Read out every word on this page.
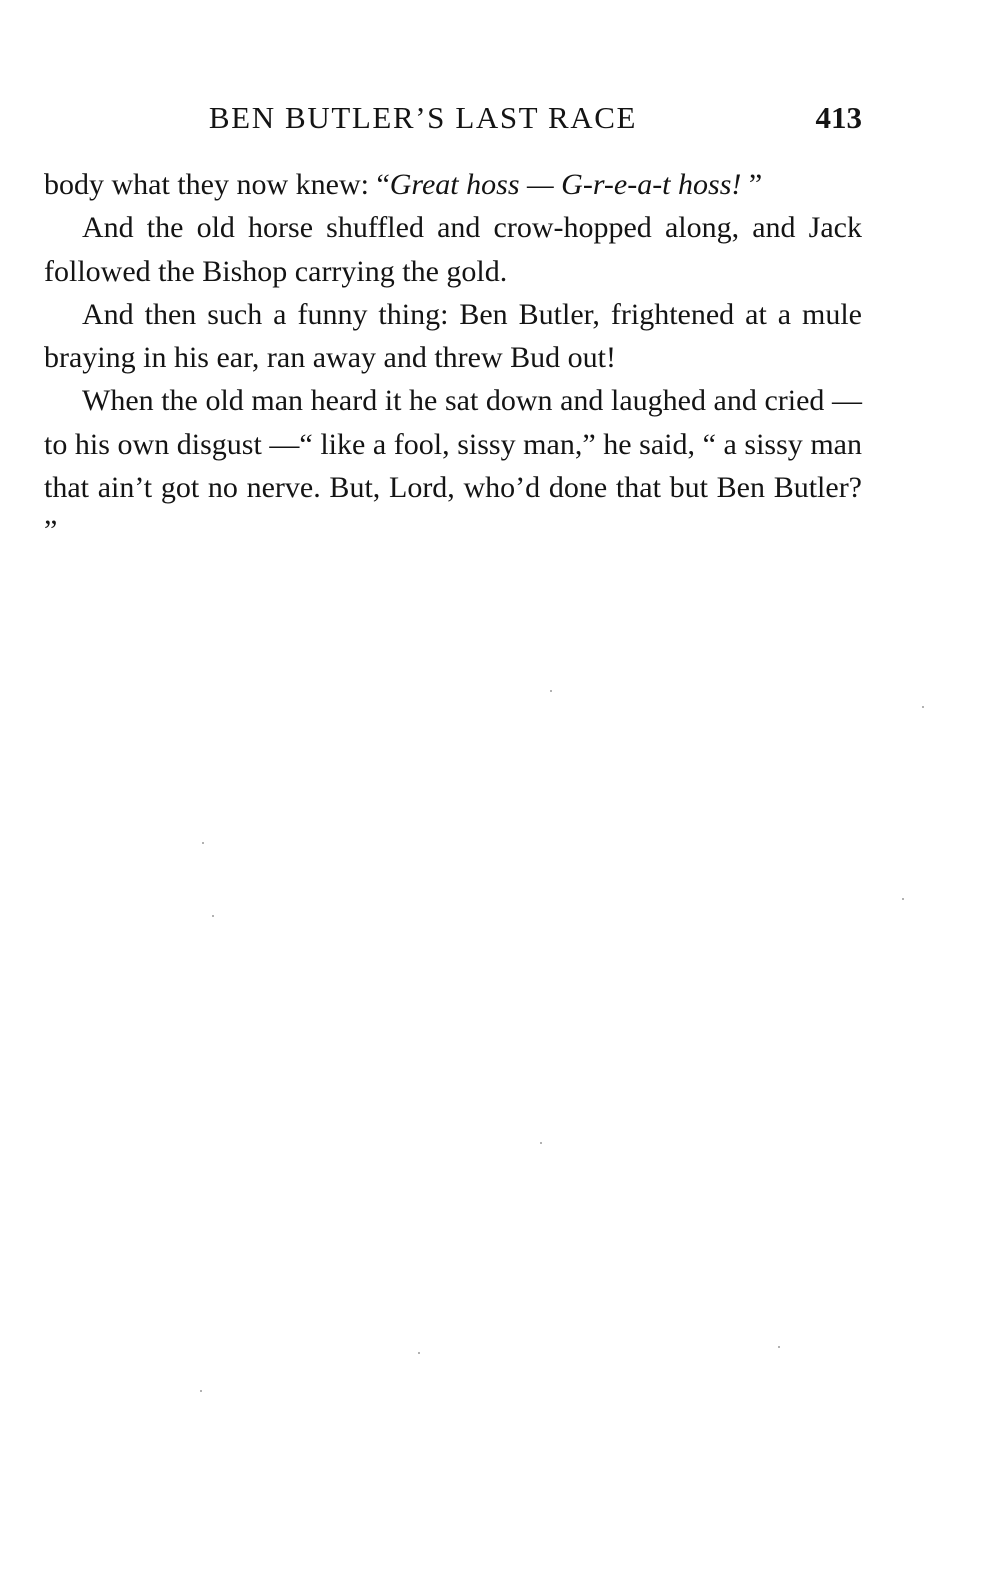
BEN BUTLER’S LAST RACE	413

body what they now knew: “Great hoss — G-r-e-a-t hoss! ”

And the old horse shuffled and crow-hopped along, and Jack followed the Bishop carrying the gold.

And then such a funny thing: Ben Butler, frightened at a mule braying in his ear, ran away and threw Bud out!

When the old man heard it he sat down and laughed and cried — to his own disgust —“ like a fool, sissy man,” he said, “ a sissy man that ain’t got no nerve. But, Lord, who’d done that but Ben Butler? ”
